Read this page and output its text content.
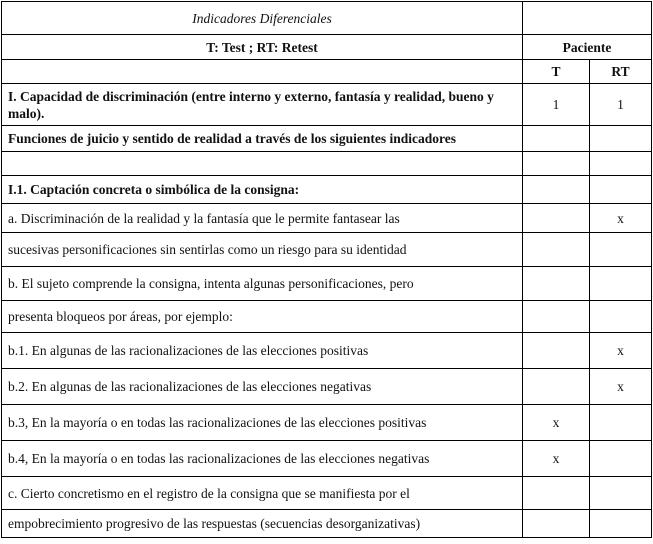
Indicadores Diferenciales		
T: Test ; RT: Retest	Paciente	
	T	RT
I. Capacidad de discriminación (entre interno y externo, fantasía y realidad, bueno y malo).	1	1
Funciones de juicio y sentido de realidad a través de los siguientes indicadores		

I.1. Captación concreta o simbólica de la consigna:		
a. Discriminación de la realidad y la fantasía que le permite fantasear las		x
sucesivas personificaciones sin sentirlas como un riesgo para su identidad		
b. El sujeto comprende la consigna, intenta algunas personificaciones, pero		
presenta bloqueos por áreas, por ejemplo:		
b.1. En algunas de las racionalizaciones de las elecciones positivas		x
b.2. En algunas de las racionalizaciones de las elecciones negativas		x
b.3, En la mayoría o en todas las racionalizaciones de las elecciones positivas	x	
b.4, En la mayoría o en todas las racionalizaciones de las elecciones negativas	x	
c. Cierto concretismo en el registro de la consigna que se manifiesta por el		
empobrecimiento progresivo de las respuestas (secuencias desorganizativas)		
